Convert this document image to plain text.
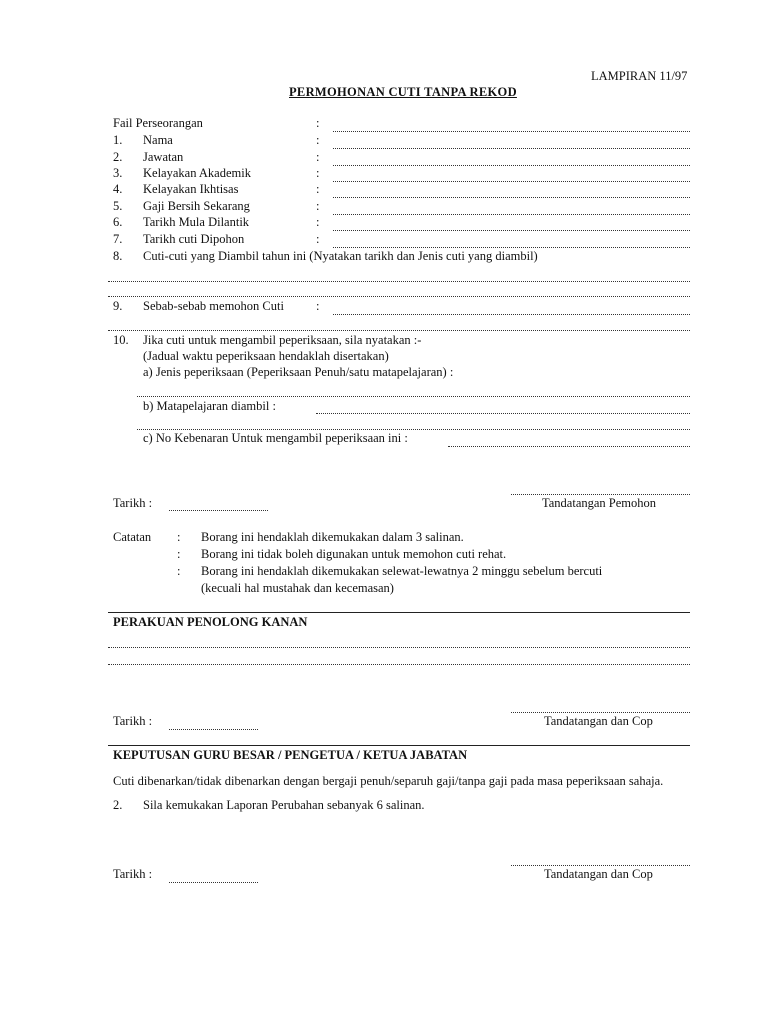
LAMPIRAN 11/97
PERMOHONAN CUTI TANPA REKOD
Fail Perseorangan	:
1. Nama	:
2. Jawatan	:
3. Kelayakan Akademik	:
4. Kelayakan Ikhtisas	:
5. Gaji Bersih Sekarang	:
6. Tarikh Mula Dilantik	:
7. Tarikh cuti Dipohon	:
8. Cuti-cuti yang Diambil tahun ini (Nyatakan tarikh dan Jenis cuti yang diambil)
9. Sebab-sebab memohon Cuti	:
10. Jika cuti untuk mengambil peperiksaan, sila nyatakan :-
(Jadual waktu peperiksaan hendaklah disertakan)
a) Jenis peperiksaan (Peperiksaan Penuh/satu matapelajaran) :
b) Matapelajaran diambil :
c) No Kebenaran Untuk mengambil peperiksaan ini :
Tarikh :	Tandatangan Pemohon
Catatan : Borang ini hendaklah dikemukakan dalam 3 salinan.
: Borang ini tidak boleh digunakan untuk memohon cuti rehat.
: Borang ini hendaklah dikemukakan selewat-lewatnya 2 minggu sebelum bercuti
(kecuali hal mustahak dan kecemasan)
PERAKUAN PENOLONG KANAN
Tarikh :	Tandatangan dan Cop
KEPUTUSAN GURU BESAR / PENGETUA / KETUA JABATAN
Cuti dibenarkan/tidak dibenarkan dengan bergaji penuh/separuh gaji/tanpa gaji pada masa peperiksaan sahaja.
2. Sila kemukakan Laporan Perubahan sebanyak 6 salinan.
Tarikh :	Tandatangan dan Cop
